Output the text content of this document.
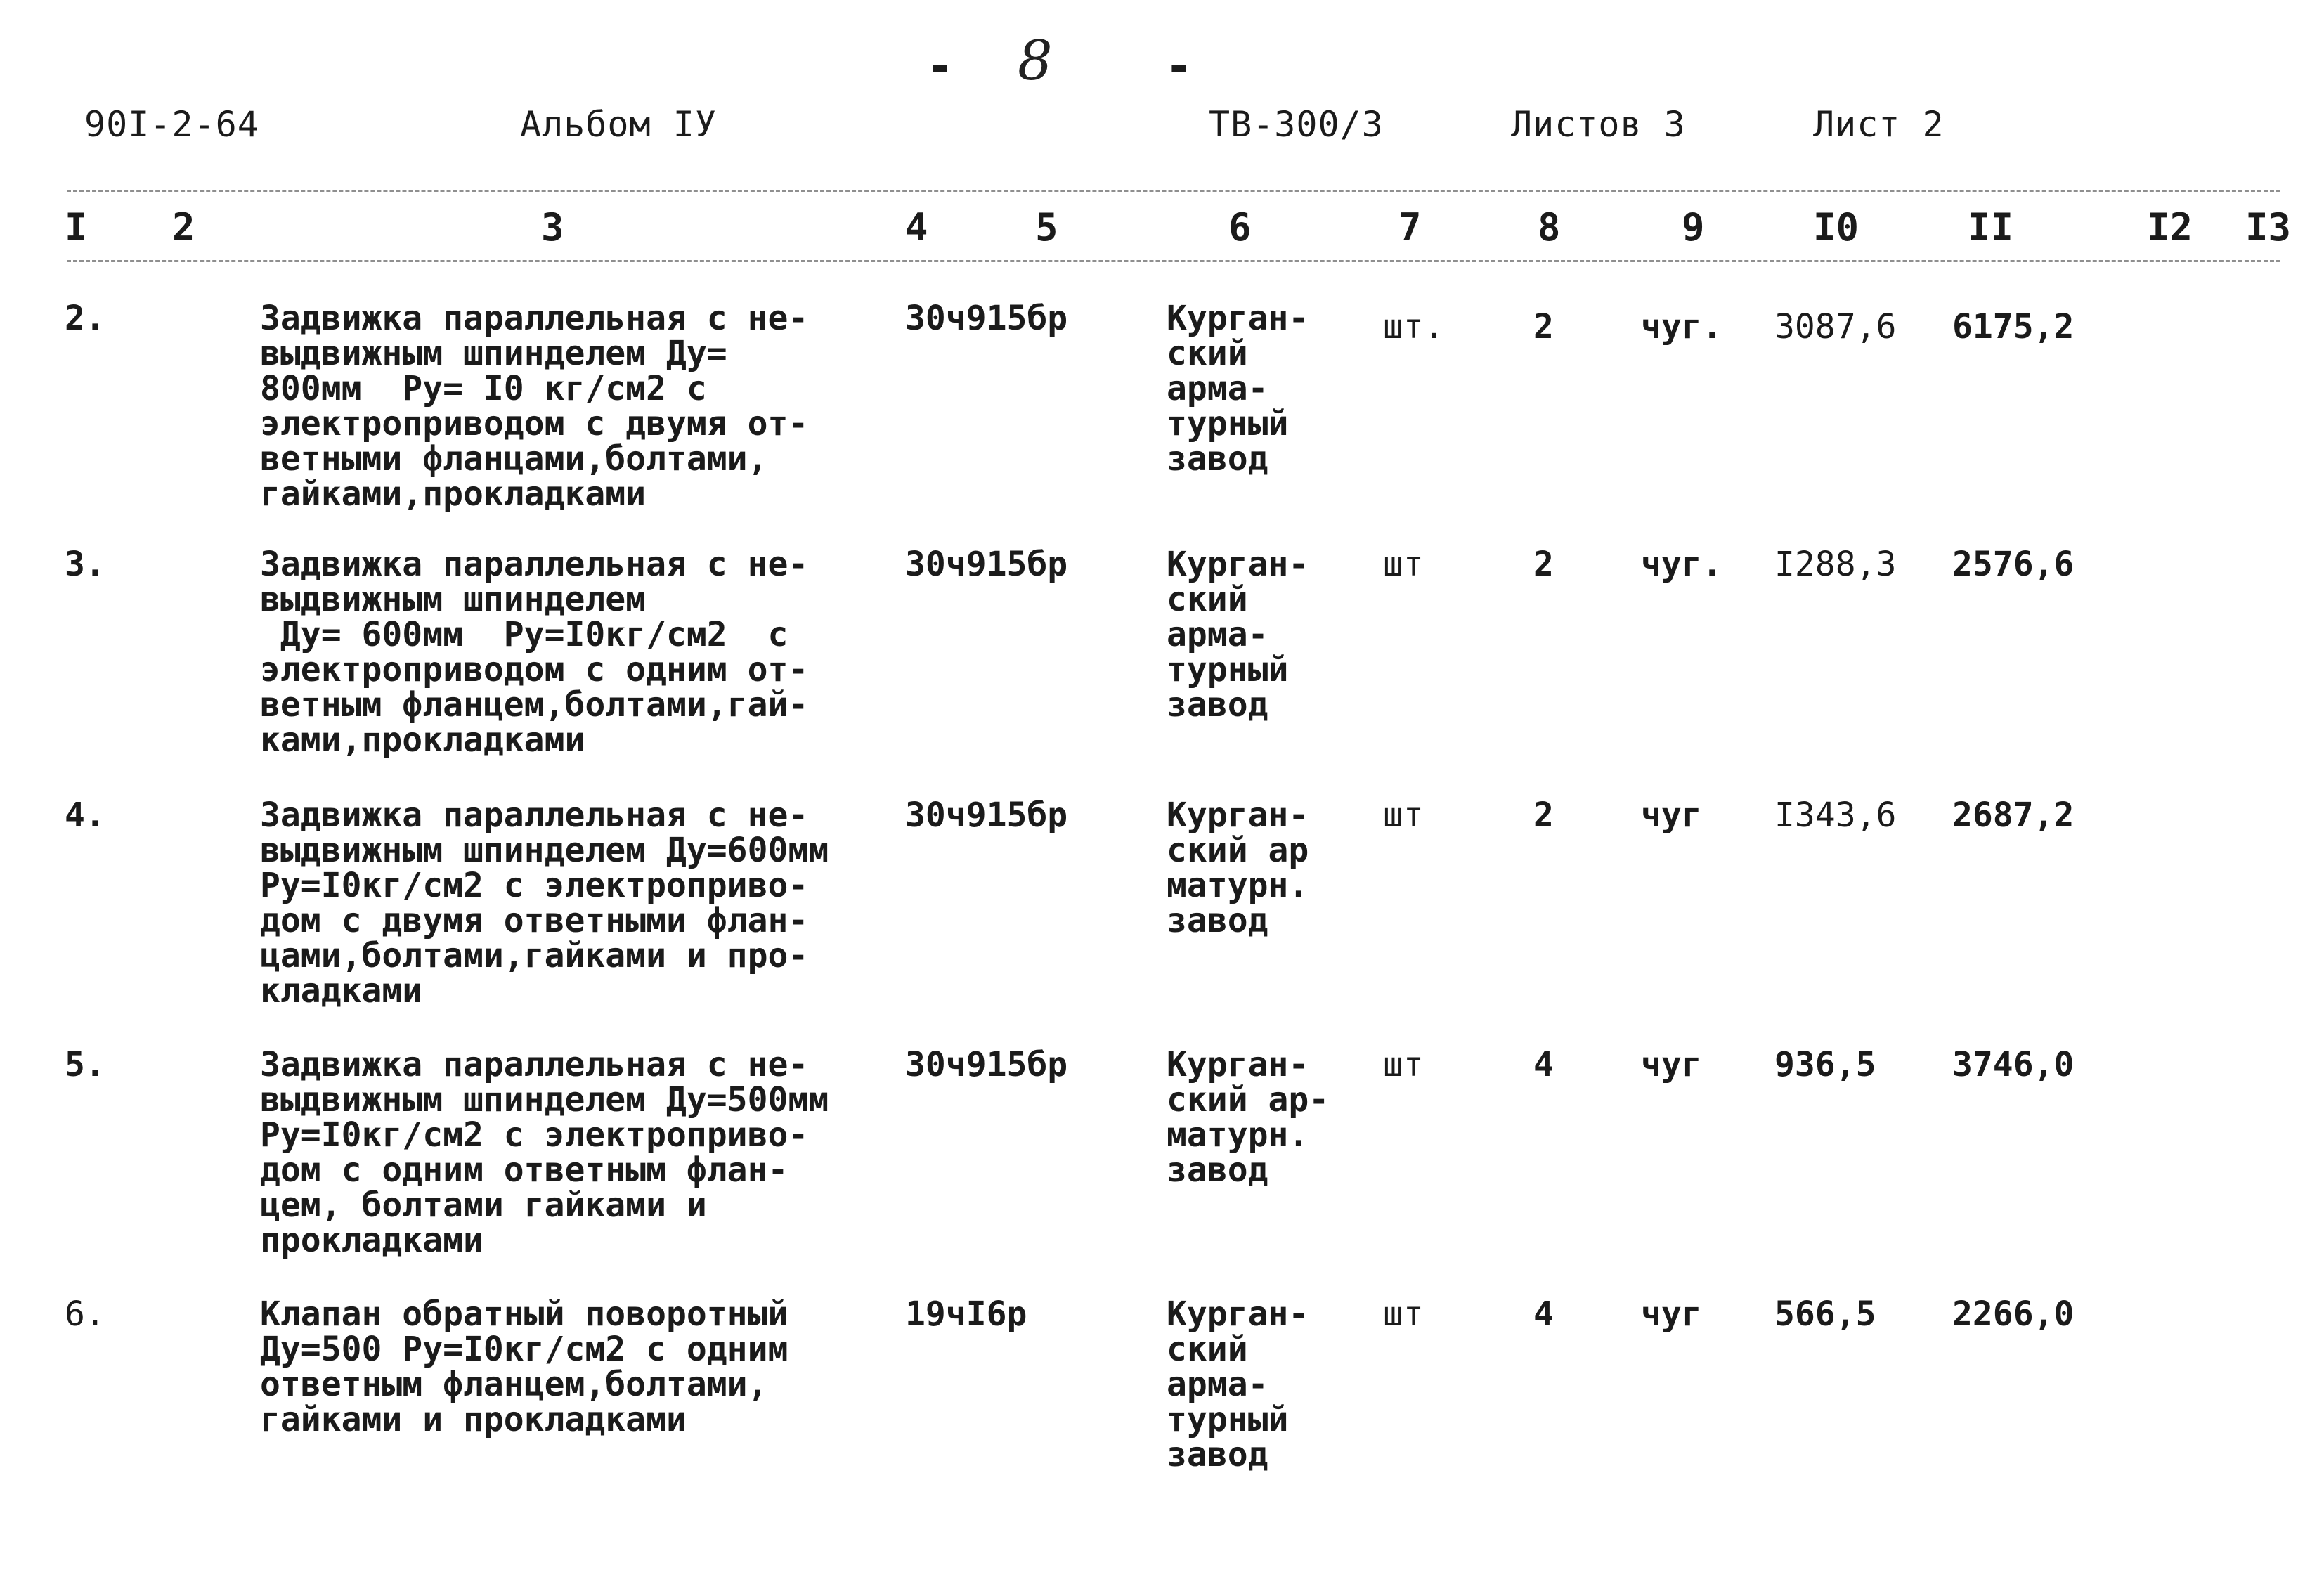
- 8	-
90I-2-64	Альбом IУ	ТВ-300/3	Листов 3	Лист 2
I 2	3	4	5	6	7	8	9	I0	II	I2 I3
2.	Задвижка параллельная с не-
выдвижным шпинделем Ду=
800мм  Ру= I0 кг/см2 с
электроприводом с двумя от-
ветными фланцами,болтами,
гайками,прокладками
30ч915бр	Курган-
ский
арма-
турный
завод
шт.	2	чуг. 3087,6 6175,2
3.	Задвижка параллельная с не-
выдвижным шпинделем
Ду= 600мм  Ру=I0кг/см2  с
электроприводом с одним от-
ветным фланцем,болтами,гай-
ками,прокладками
30ч915бр	Курган-
ский
арма-
турный
завод
шт	2	чуг. I288,3 2576,6
4.	Задвижка параллельная с не-
выдвижным шпинделем Ду=600мм
Ру=I0кг/см2 с электроприво-
дом с двумя ответными флан-
цами,болтами,гайками и про-
кладками
30ч915бр	Курган-
ский ар
матурн.
завод
шт	2	чуг I343,6 2687,2
5.	Задвижка параллельная с не-
выдвижным шпинделем Ду=500мм
Ру=I0кг/см2 с электроприво-
дом с одним ответным флан-
цем, болтами гайками и
прокладками
30ч915бр	Курган-
ский ар-
матурн.
завод
шт	4	чуг 936,5 3746,0
6.	Клапан обратный поворотный
Ду=500 Ру=I0кг/см2 с одним
ответным фланцем,болтами,
гайками и прокладками
19чI6р	Курган-
ский
арма-
турный
завод
шт	4	чуг 566,5 2266,0
